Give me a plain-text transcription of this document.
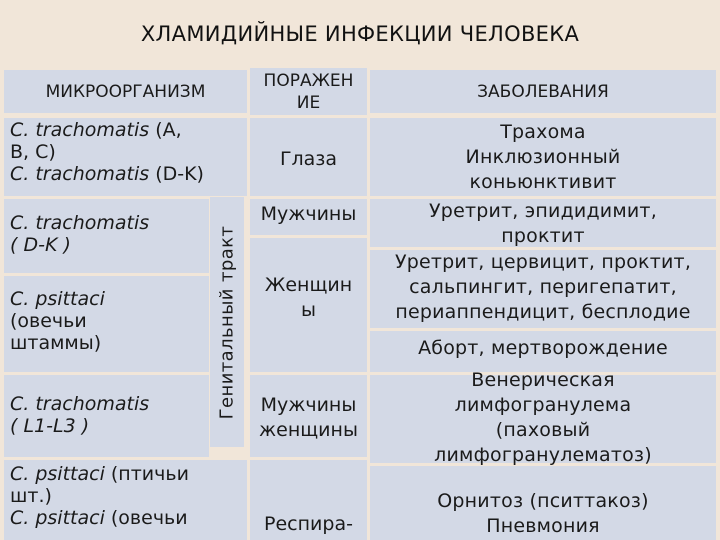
ХЛАМИДИЙНЫЕ ИНФЕКЦИИ ЧЕЛОВЕКА
МИКРООРГАНИЗМ
ПОРАЖЕН
ИЕ
ЗАБОЛЕВАНИЯ
Генитальный тракт
C. trachomatis (A,
B, C)
C. trachomatis (D-K)
C. trachomatis
( D-K )
C. psittaci
(овечьи
штаммы)
C. trachomatis
( L1-L3 )
C. psittaci (птичьи
шт.)
C. psittaci (овечьи
Глаза
Мужчины
Женщин
ы
Мужчины
женщины
Респира-
Трахома
Инклюзионный
коньюнктивит
Уретрит, эпидидимит,
проктит
Уретрит, цервицит, проктит,
сальпингит, перигепатит,
периаппендицит, бесплодие
Аборт, мертворождение
Венерическая
лимфогранулема
(паховый
лимфогранулематоз)
Орнитоз (пситтакоз)
Пневмония
